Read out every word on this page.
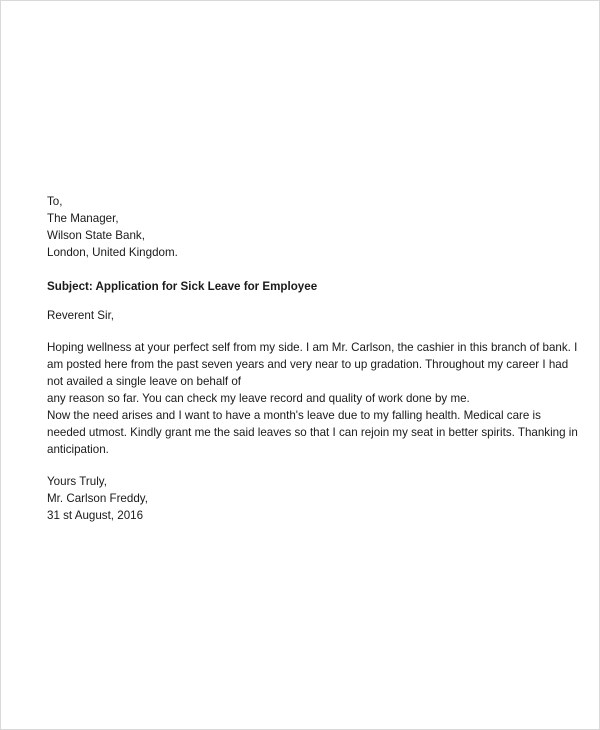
To,
The Manager,
Wilson State Bank,
London, United Kingdom.
Subject: Application for Sick Leave for Employee
Reverent Sir,
Hoping wellness at your perfect self from my side. I am Mr. Carlson, the cashier in this branch of bank. I
am posted here from the past seven years and very near to up gradation. Throughout my career I had
not availed a single leave on behalf of
any reason so far. You can check my leave record and quality of work done by me.
Now the need arises and I want to have a month's leave due to my falling health. Medical care is
needed utmost. Kindly grant me the said leaves so that I can rejoin my seat in better spirits. Thanking in
anticipation.
Yours Truly,
Mr. Carlson Freddy,
31 st August, 2016
